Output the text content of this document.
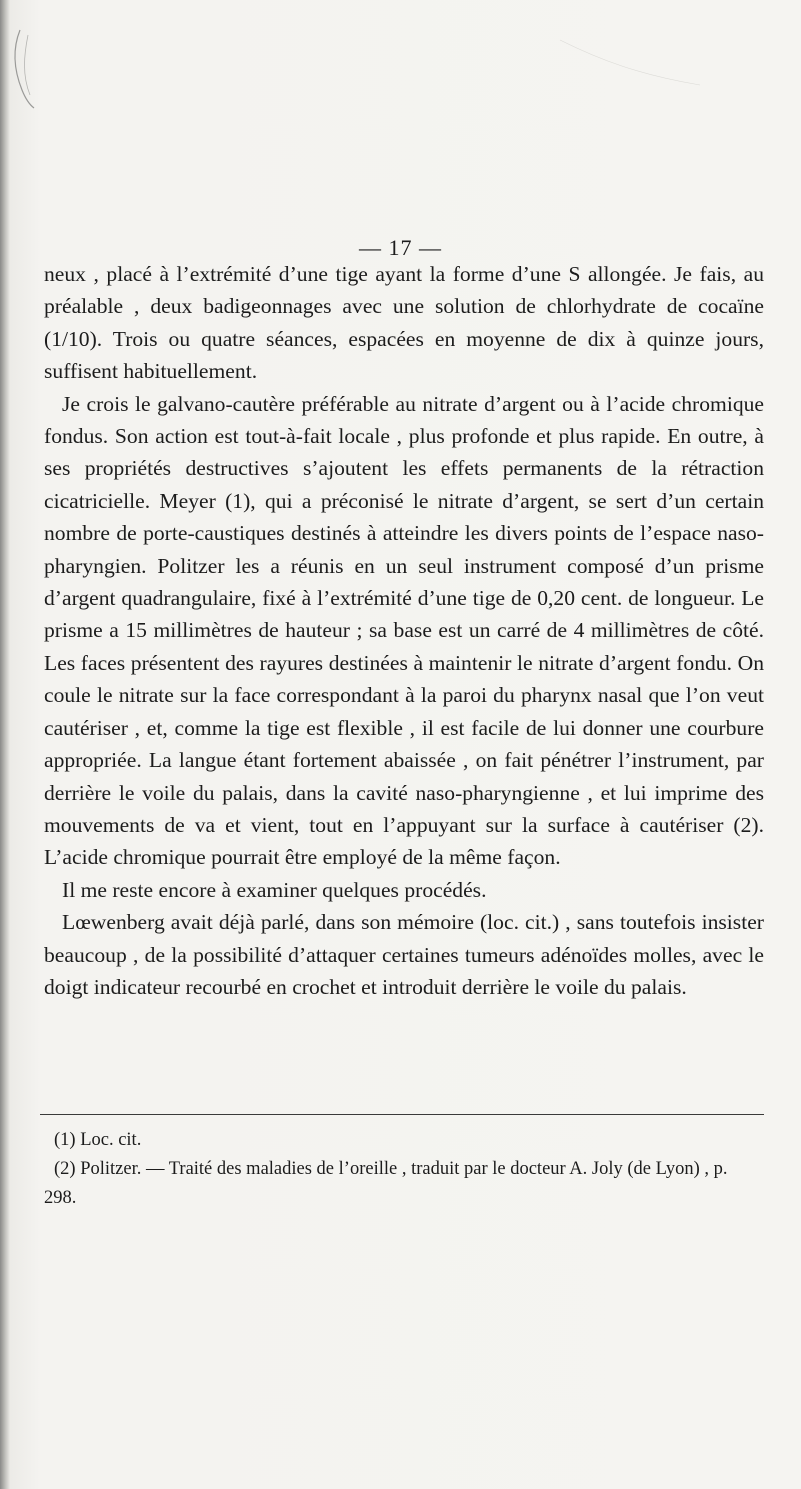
— 17 —

neux , placé à l’extrémité d’une tige ayant la forme d’une S allongée. Je fais, au préalable , deux badigeonnages avec une solution de chlorhydrate de cocaïne (1/10). Trois ou quatre séances, espacées en moyenne de dix à quinze jours, suffisent habituellement.

Je crois le galvano-cautère préférable au nitrate d’argent ou à l’acide chromique fondus. Son action est tout-à-fait locale , plus profonde et plus rapide. En outre, à ses propriétés destructives s’ajoutent les effets permanents de la rétraction cicatricielle. Meyer (1), qui a préconisé le nitrate d’argent, se sert d’un certain nombre de porte-caustiques destinés à atteindre les divers points de l’espace naso-pharyngien. Politzer les a réunis en un seul instrument composé d’un prisme d’argent quadrangulaire, fixé à l’extrémité d’une tige de 0,20 cent. de longueur. Le prisme a 15 millimètres de hauteur ; sa base est un carré de 4 millimètres de côté. Les faces présentent des rayures destinées à maintenir le nitrate d’argent fondu. On coule le nitrate sur la face correspondant à la paroi du pharynx nasal que l’on veut cautériser , et, comme la tige est flexible , il est facile de lui donner une courbure appropriée. La langue étant fortement abaissée , on fait pénétrer l’instrument, par derrière le voile du palais, dans la cavité naso-pharyngienne , et lui imprime des mouvements de va et vient, tout en l’appuyant sur la surface à cautériser (2). L’acide chromique pourrait être employé de la même façon.

Il me reste encore à examiner quelques procédés.

Lœwenberg avait déjà parlé, dans son mémoire (loc. cit.) , sans toutefois insister beaucoup , de la possibilité d’attaquer certaines tumeurs adénoïdes molles, avec le doigt indicateur recourbé en crochet et introduit derrière le voile du palais.

(1) Loc. cit.

(2) Politzer. — Traité des maladies de l’oreille , traduit par le docteur A. Joly (de Lyon) , p. 298.
